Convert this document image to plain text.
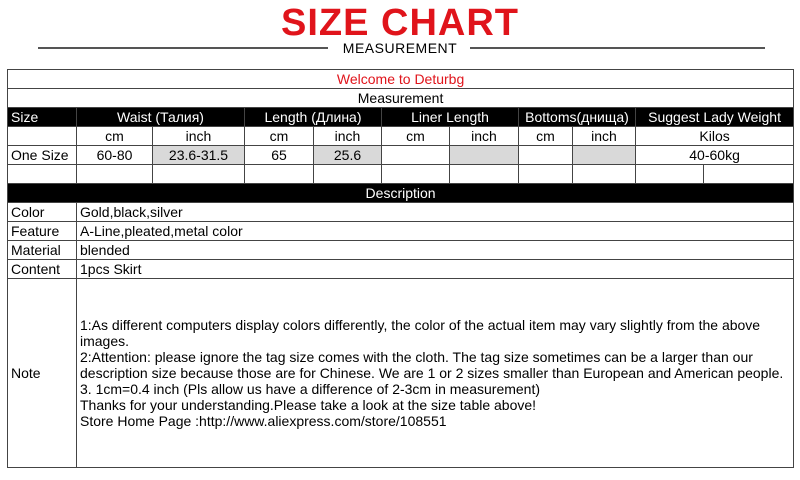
SIZE CHART
MEASUREMENT
Welcome to Deturbg										
Measurement										
Size	Waist (Талия)		Length (Длина)		Liner Length		Bottoms(днища)		Suggest Lady Weight	
	cm	inch	cm	inch	cm	inch	cm	inch	Kilos	
One Size	60-80	23.6-31.5	65	25.6					40-60kg	

Description										
Color	Gold,black,silver									
Feature	A-Line,pleated,metal color									
Material	blended									
Content	1pcs Skirt									
Note	1:As different computers display colors differently, the color of the actual item may vary slightly from the above images.
2:Attention: please ignore the tag size comes with the cloth. The tag size sometimes can be a larger than our description size because those are for Chinese. We are 1 or 2 sizes smaller than European and American people.
3. 1cm=0.4 inch (Pls allow us have a difference of 2-3cm in measurement)
Thanks for your understanding.Please take a look at the size table above!
Store Home Page :http://www.aliexpress.com/store/108551									
